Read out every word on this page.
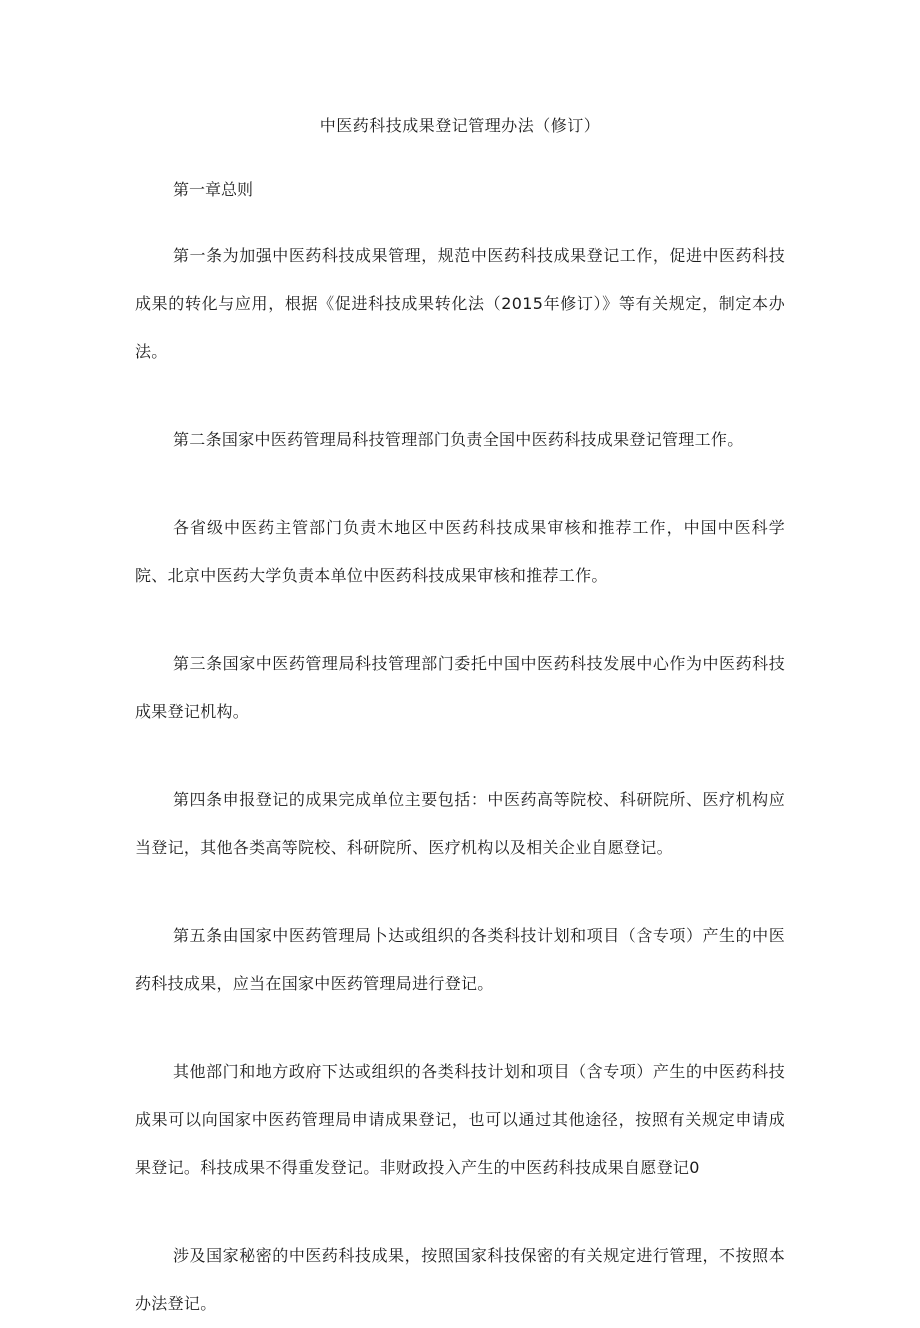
中医药科技成果登记管理办法（修订）

第一章总则

第一条为加强中医药科技成果管理，规范中医药科技成果登记工作，促进中医药科技成果的转化与应用，根据《促进科技成果转化法（2015年修订）》等有关规定，制定本办法。

第二条国家中医药管理局科技管理部门负责全国中医药科技成果登记管理工作。

各省级中医药主管部门负责木地区中医药科技成果审核和推荐工作，中国中医科学院、北京中医药大学负责本单位中医药科技成果审核和推荐工作。

第三条国家中医药管理局科技管理部门委托中国中医药科技发展中心作为中医药科技成果登记机构。

第四条申报登记的成果完成单位主要包括：中医药高等院校、科研院所、医疗机构应当登记，其他各类高等院校、科研院所、医疗机构以及相关企业自愿登记。

第五条由国家中医药管理局卜达或组织的各类科技计划和项目（含专项）产生的中医药科技成果，应当在国家中医药管理局进行登记。

其他部门和地方政府下达或组织的各类科技计划和项目（含专项）产生的中医药科技成果可以向国家中医药管理局申请成果登记，也可以通过其他途径，按照有关规定申请成果登记。科技成果不得重发登记。非财政投入产生的中医药科技成果自愿登记0

涉及国家秘密的中医药科技成果，按照国家科技保密的有关规定进行管理，不按照本办法登记。
